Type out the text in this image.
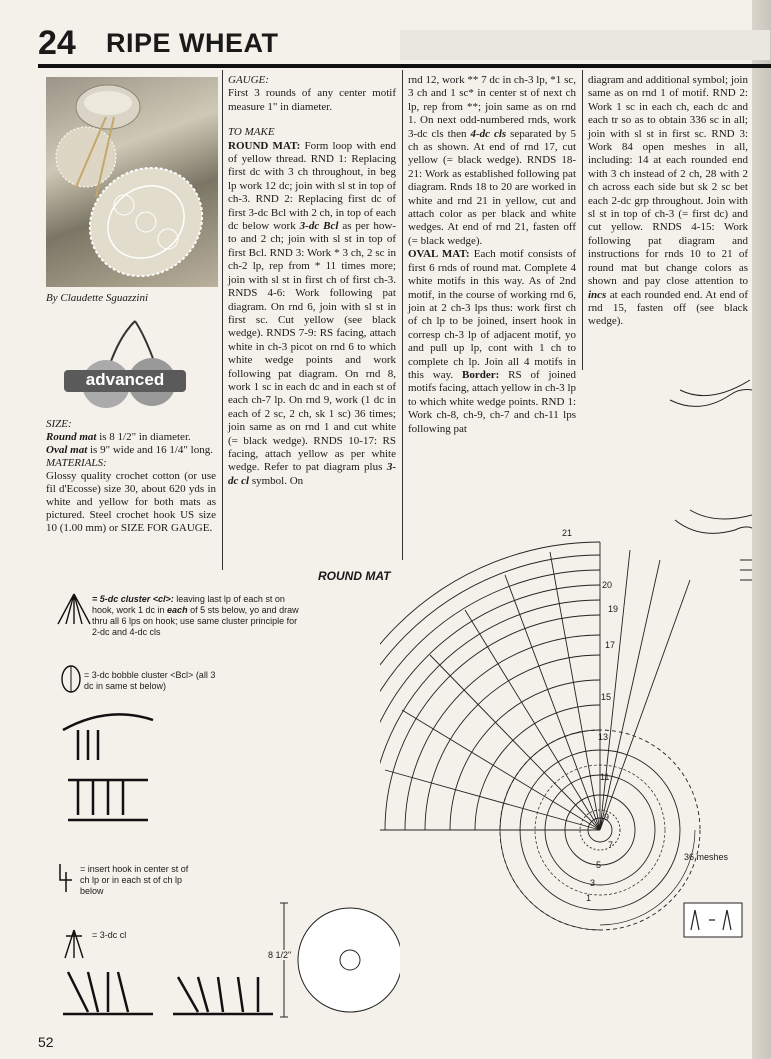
24 RIPE WHEAT
By Claudette Sguazzini
advanced
SIZE:
Round mat is 8 1/2" in diameter.
Oval mat is 9" wide and 16 1/4" long.
MATERIALS:
Glossy quality crochet cotton (or use fil d'Ecosse) size 30, about 620 yds in white and yellow for both mats as pictured. Steel crochet hook US size 10 (1.00 mm) or SIZE FOR GAUGE.

GAUGE:

First 3 rounds of any center motif measure 1" in diameter.

TO MAKE

ROUND MAT: Form loop with end of yellow thread. RND 1: Replacing first dc with 3 ch throughout, in beg lp work 12 dc; join with sl st in top of ch-3. RND 2: Replacing first dc of first 3-dc Bcl with 2 ch, in top of each dc below work 3-dc Bcl as per how-to and 2 ch; join with sl st in top of first Bcl. RND 3: Work * 3 ch, 2 sc in ch-2 lp, rep from * 11 times more; join with sl st in first ch of first ch-3. RNDS 4-6: Work following pat diagram. On rnd 6, join with sl st in first sc. Cut yellow (see black wedge). RNDS 7-9: RS facing, attach white in ch-3 picot on rnd 6 to which white wedge points and work following pat diagram. On rnd 8, work 1 sc in each dc and in each st of each ch-7 lp. On rnd 9, work (1 dc in each of 2 sc, 2 ch, sk 1 sc) 36 times; join same as on rnd 1 and cut white (= black wedge). RNDS 10-17: RS facing, attach yellow as per white wedge. Refer to pat diagram plus 3-dc cl symbol. On

rnd 12, work ** 7 dc in ch-3 lp, *1 sc, 3 ch and 1 sc* in center st of next ch lp, rep from **; join same as on rnd 1. On next odd-numbered rnds, work 3-dc cls then 4-dc cls separated by 5 ch as shown. At end of rnd 17, cut yellow (= black wedge). RNDS 18-21: Work as established following pat diagram. Rnds 18 to 20 are worked in white and rnd 21 in yellow, cut and attach color as per black and white wedges. At end of rnd 21, fasten off (= black wedge).

OVAL MAT: Each motif consists of first 6 rnds of round mat. Complete 4 white motifs in this way. As of 2nd motif, in the course of working rnd 6, join at 2 ch-3 lps thus: work first ch of ch lp to be joined, insert hook in corresp ch-3 lp of adjacent motif, yo and pull up lp, cont with 1 ch to complete ch lp. Join all 4 motifs in this way. Border: RS of joined motifs facing, attach yellow in ch-3 lp to which white wedge points. RND 1: Work ch-8, ch-9, ch-7 and ch-11 lps following pat

diagram and additional symbol; join same as on rnd 1 of motif. RND 2: Work 1 sc in each ch, each dc and each tr so as to obtain 336 sc in all; join with sl st in first sc. RND 3: Work 84 open meshes in all, including: 14 at each rounded end with 3 ch instead of 2 ch, 28 with 2 ch across each side but sk 2 sc bet each 2-dc grp throughout. Join with sl st in top of ch-3 (= first dc) and cut yellow. RNDS 4-15: Work following pat diagram and instructions for rnds 10 to 21 of round mat but change colors as shown and pay close attention to incs at each rounded end. At end of rnd 15, fasten off (see black wedge).

= 5-dc cluster <cl>: leaving last lp of each st on hook, work 1 dc in each of 5 sts below, yo and draw thru all 6 lps on hook; use same cluster principle for 2-dc and 4-dc cls
= 3-dc bobble cluster <Bcl> (all 3 dc in same st below)
= insert hook in center st of ch lp or in each st of ch lp below
= 3-dc cl
ROUND MAT
21
20
19
17
15
13
11
9
7
5
3
1
36 meshes
8 1/2"
52
